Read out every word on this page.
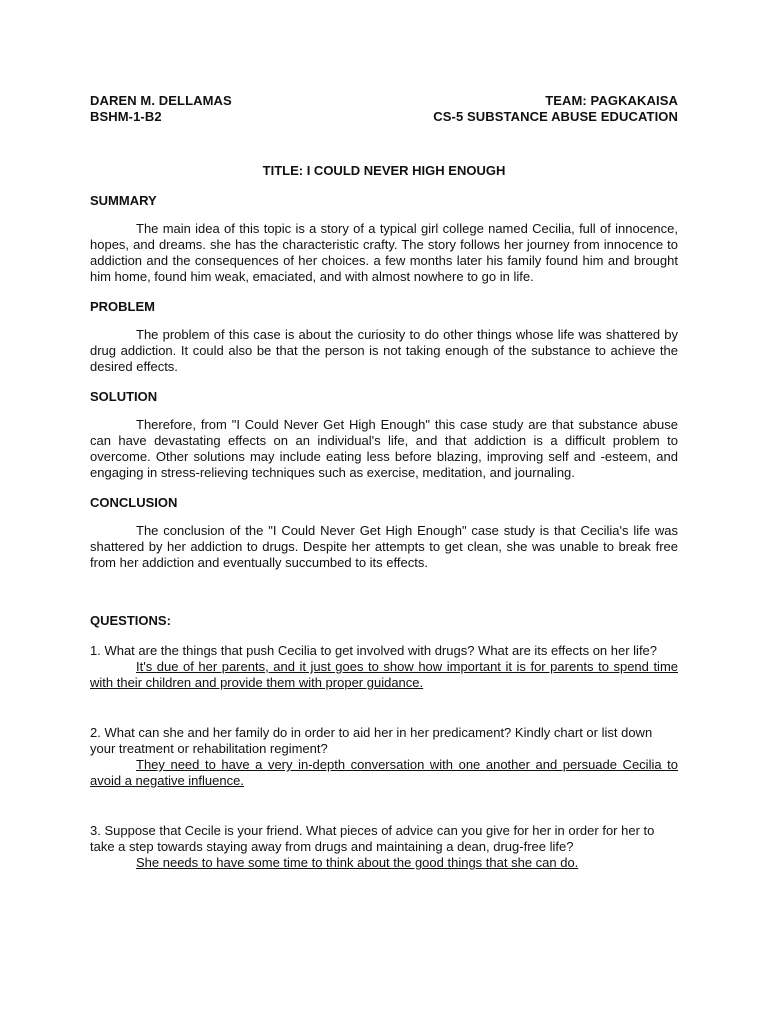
DAREN M. DELLAMAS
BSHM-1-B2
TEAM: PAGKAKAISA
CS-5 SUBSTANCE ABUSE EDUCATION
TITLE: I COULD NEVER HIGH ENOUGH
SUMMARY

The main idea of this topic is a story of a typical girl college named Cecilia, full of innocence, hopes, and dreams. she has the characteristic crafty. The story follows her journey from innocence to addiction and the consequences of her choices. a few months later his family found him and brought him home, found him weak, emaciated, and with almost nowhere to go in life.

PROBLEM

The problem of this case is about the curiosity to do other things whose life was shattered by drug addiction. It could also be that the person is not taking enough of the substance to achieve the desired effects.

SOLUTION

Therefore, from "I Could Never Get High Enough" this case study are that substance abuse can have devastating effects on an individual's life, and that addiction is a difficult problem to overcome. Other solutions may include eating less before blazing, improving self and -esteem, and engaging in stress-relieving techniques such as exercise, meditation, and journaling.

CONCLUSION

The conclusion of the "I Could Never Get High Enough" case study is that Cecilia's life was shattered by her addiction to drugs. Despite her attempts to get clean, she was unable to break free from her addiction and eventually succumbed to its effects.

QUESTIONS:

1. What are the things that push Cecilia to get involved with drugs? What are its effects on her life?

It's due of her parents, and it just goes to show how important it is for parents to spend time with their children and provide them with proper guidance.

2. What can she and her family do in order to aid her in her predicament? Kindly chart or list down your treatment or rehabilitation regiment?

They need to have a very in-depth conversation with one another and persuade Cecilia to avoid a negative influence.

3. Suppose that Cecile is your friend. What pieces of advice can you give for her in order for her to take a step towards staying away from drugs and maintaining a dean, drug-free life?

She needs to have some time to think about the good things that she can do.
